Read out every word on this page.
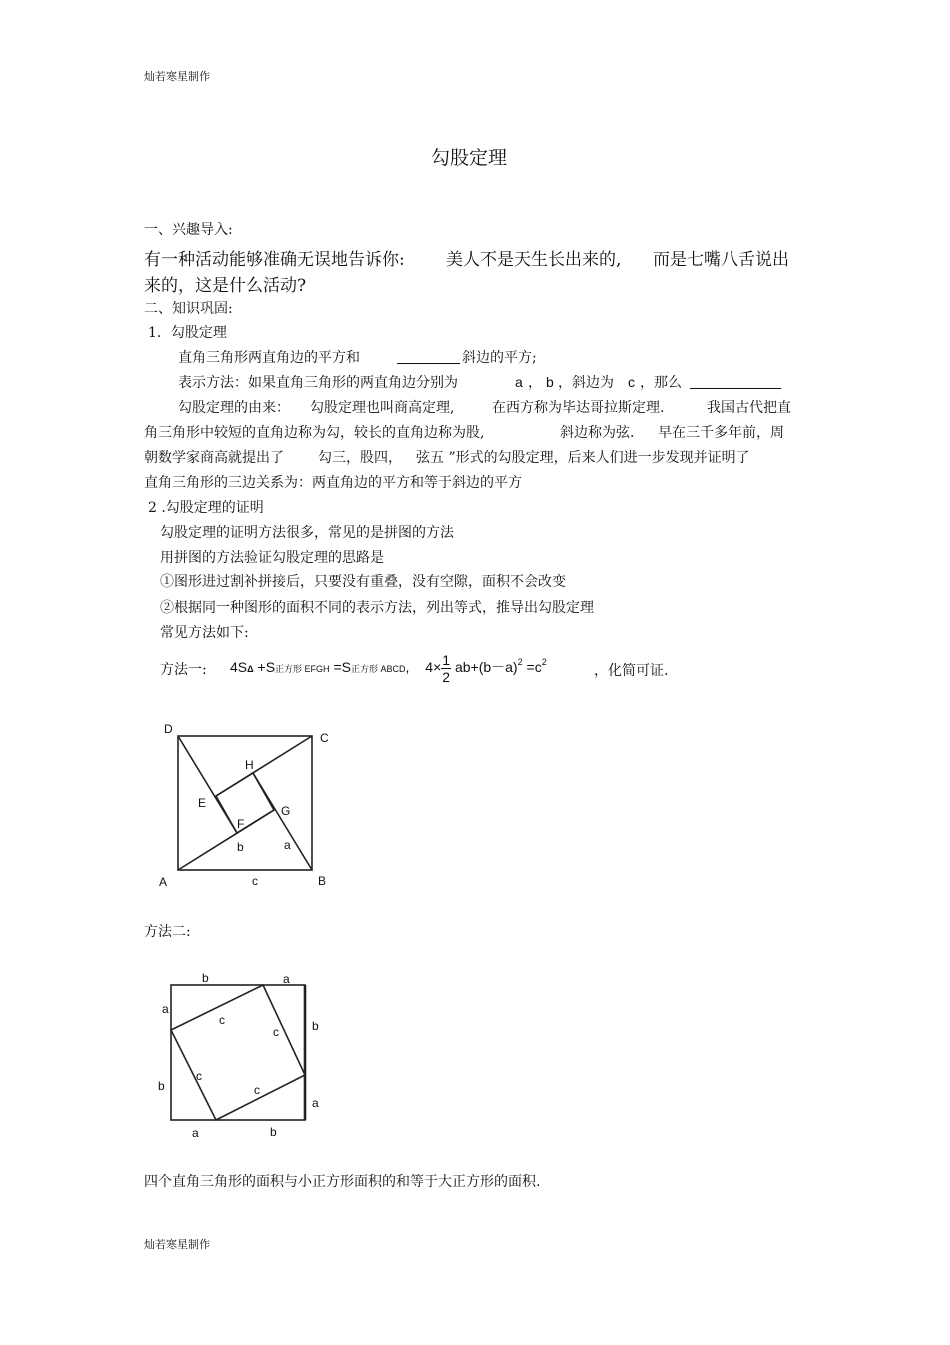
灿若寒星制作
勾股定理
一、兴趣导入:
有一种活动能够准确无误地告诉你: 美人不是天生长出来的, 而是七嘴八舌说出
来的，这是什么活动?
二、知识巩固:
1．勾股定理
直角三角形两直角边的平方和	斜边的平方;
表示方法：如果直角三角形的两直角边分别为	a ， b ，斜边为 c ，那么
勾股定理的由来： 勾股定理也叫商高定理,	在西方称为毕达哥拉斯定理.	我国古代把直
角三角形中较短的直角边称为勾，较长的直角边称为股,	斜边称为弦. 早在三千多年前，周
朝数学家商高就提出了 勾三，股四， 弦五 ”形式的勾股定理，后来人们进一步发现并证明了
直角三角形的三边关系为：两直角边的平方和等于斜边的平方
2 .勾股定理的证明
勾股定理的证明方法很多，常见的是拼图的方法
用拼图的方法验证勾股定理的思路是
①图形进过割补拼接后，只要没有重叠，没有空隙，面积不会改变
②根据同一种图形的面积不同的表示方法，列出等式，推导出勾股定理
常见方法如下:
方法一: 4SΔ +S正方形 EFGH =S正方形 ABCD, $4\times \frac{1}{2} ab+(b-a)^2 =c^2$
，化简可证.
D
C
H
E
G
F
b	a
A	c	B
方法二:
b	a
a
c	b
c
c
b	c
a
a	b
四个直角三角形的面积与小正方形面积的和等于大正方形的面积.
灿若寒星制作
